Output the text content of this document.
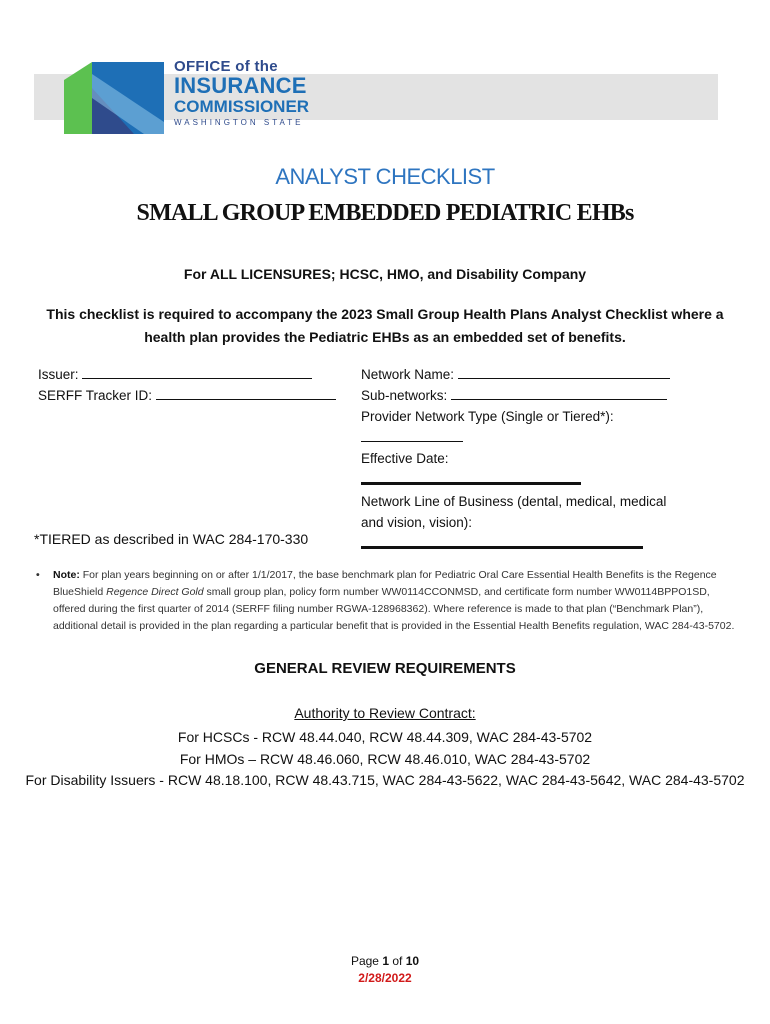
OFFICE of the
INSURANCE
COMMISSIONER
WASHINGTON STATE
ANALYST CHECKLIST
SMALL GROUP EMBEDDED PEDIATRIC EHBs
For ALL LICENSURES; HCSC, HMO, and Disability Company
This checklist is required to accompany the 2023 Small Group Health Plans Analyst Checklist where a health plan provides the Pediatric EHBs as an embedded set of benefits.
Issuer:
SERFF Tracker ID:
Network Name:
Sub-networks:
Provider Network Type (Single or Tiered*):
Effective Date:
Network Line of Business (dental, medical, medical and vision, vision):
*TIERED as described in WAC 284-170-330
• Note: For plan years beginning on or after 1/1/2017, the base benchmark plan for Pediatric Oral Care Essential Health Benefits is the Regence BlueShield Regence Direct Gold small group plan, policy form number WW0114CCONMSD, and certificate form number WW0114BPPO1SD, offered during the first quarter of 2014 (SERFF filing number RGWA-128968362). Where reference is made to that plan (“Benchmark Plan”), additional detail is provided in the plan regarding a particular benefit that is provided in the Essential Health Benefits regulation, WAC 284-43-5702.
GENERAL REVIEW REQUIREMENTS
Authority to Review Contract:
For HCSCs - RCW 48.44.040, RCW 48.44.309, WAC 284-43-5702
For HMOs – RCW 48.46.060, RCW 48.46.010, WAC 284-43-5702
For Disability Issuers - RCW 48.18.100, RCW 48.43.715, WAC 284-43-5622, WAC 284-43-5642, WAC 284-43-5702
Page 1 of 10
2/28/2022
